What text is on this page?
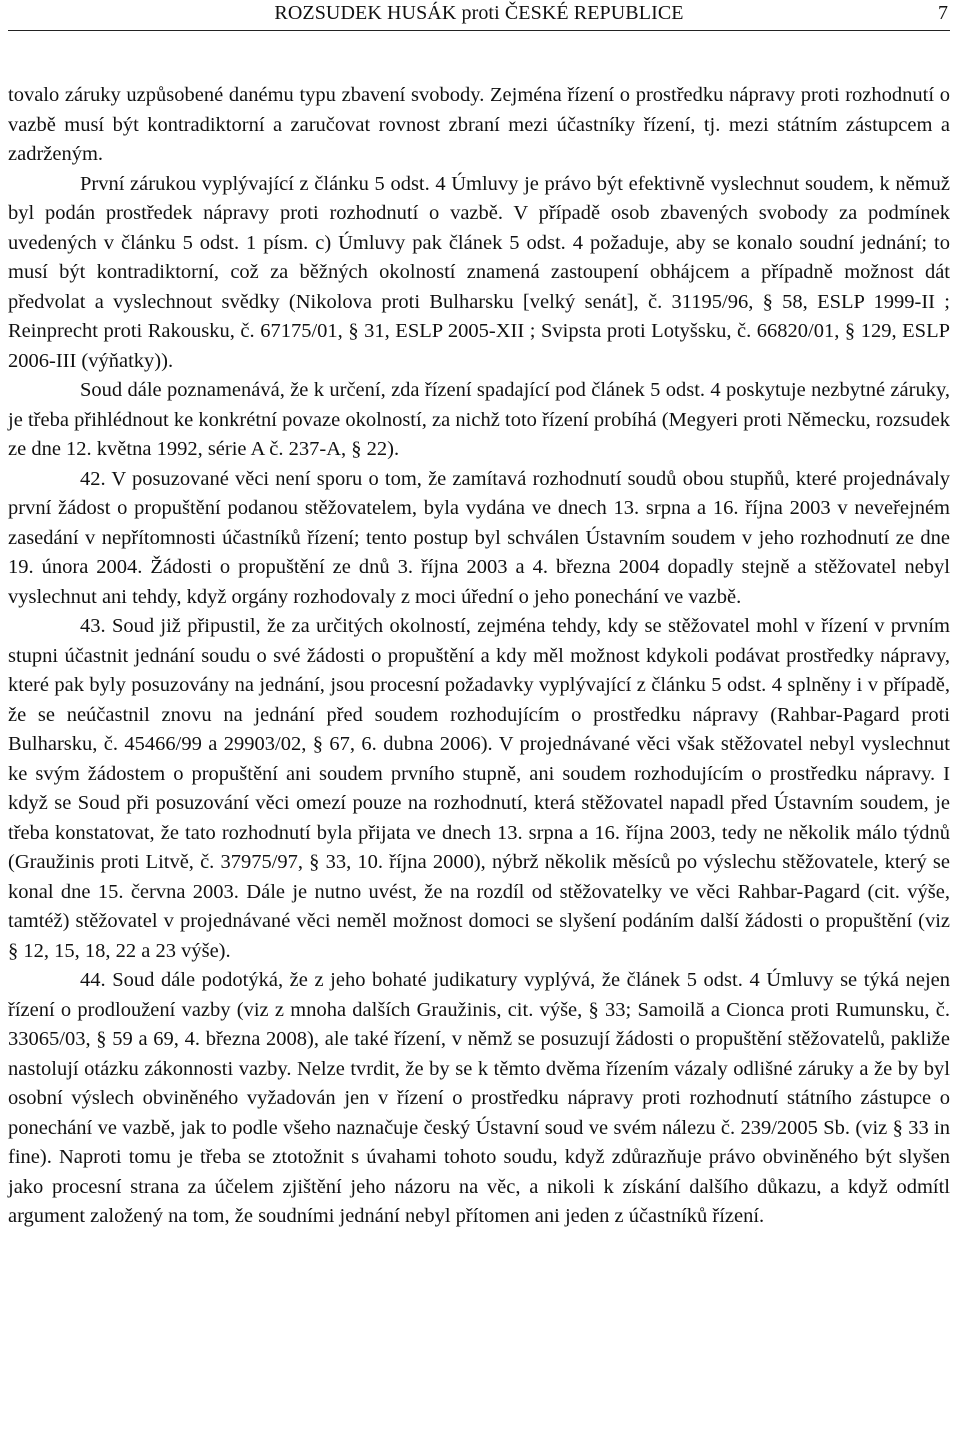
ROZSUDEK HUSÁK proti ČESKÉ REPUBLICE	7

tovalo záruky uzpůsobené danému typu zbavení svobody. Zejména řízení o prostředku nápravy proti rozhodnutí o vazbě musí být kontradiktorní a zaručovat rovnost zbraní mezi účastníky řízení, tj. mezi státním zástupcem a zadrženým.

První zárukou vyplývající z článku 5 odst. 4 Úmluvy je právo být efektivně vyslechnut soudem, k němuž byl podán prostředek nápravy proti rozhodnutí o vazbě. V případě osob zbavených svobody za podmínek uvedených v článku 5 odst. 1 písm. c) Úmluvy pak článek 5 odst. 4 požaduje, aby se konalo soudní jednání; to musí být kontradiktorní, což za běžných okolností znamená zastoupení obhájcem a případně možnost dát předvolat a vyslechnout svědky (Nikolova proti Bulharsku [velký senát], č. 31195/96, § 58, ESLP 1999-II ; Reinprecht proti Rakousku, č. 67175/01, § 31, ESLP 2005-XII ; Svipsta proti Lotyšsku, č. 66820/01, § 129, ESLP 2006-III (výňatky)).

Soud dále poznamenává, že k určení, zda řízení spadající pod článek 5 odst. 4 poskytuje nezbytné záruky, je třeba přihlédnout ke konkrétní povaze okolností, za nichž toto řízení probíhá (Megyeri proti Německu, rozsudek ze dne 12. května 1992, série A č. 237-A, § 22).

42. V posuzované věci není sporu o tom, že zamítavá rozhodnutí soudů obou stupňů, které projednávaly první žádost o propuštění podanou stěžovatelem, byla vydána ve dnech 13. srpna a 16. října 2003 v neveřejném zasedání v nepřítomnosti účastníků řízení; tento postup byl schválen Ústavním soudem v jeho rozhodnutí ze dne 19. února 2004. Žádosti o propuštění ze dnů 3. října 2003 a 4. března 2004 dopadly stejně a stěžovatel nebyl vyslechnut ani tehdy, když orgány rozhodovaly z moci úřední o jeho ponechání ve vazbě.

43. Soud již připustil, že za určitých okolností, zejména tehdy, kdy se stěžovatel mohl v řízení v prvním stupni účastnit jednání soudu o své žádosti o propuštění a kdy měl možnost kdykoli podávat prostředky nápravy, které pak byly posuzovány na jednání, jsou procesní požadavky vyplývající z článku 5 odst. 4 splněny i v případě, že se neúčastnil znovu na jednání před soudem rozhodujícím o prostředku nápravy (Rahbar-Pagard proti Bulharsku, č. 45466/99 a 29903/02, § 67, 6. dubna 2006). V projednávané věci však stěžovatel nebyl vyslechnut ke svým žádostem o propuštění ani soudem prvního stupně, ani soudem rozhodujícím o prostředku nápravy. I když se Soud při posuzování věci omezí pouze na rozhodnutí, která stěžovatel napadl před Ústavním soudem, je třeba konstatovat, že tato rozhodnutí byla přijata ve dnech 13. srpna a 16. října 2003, tedy ne několik málo týdnů (Graužinis proti Litvě, č. 37975/97, § 33, 10. října 2000), nýbrž několik měsíců po výslechu stěžovatele, který se konal dne 15. června 2003. Dále je nutno uvést, že na rozdíl od stěžovatelky ve věci Rahbar-Pagard (cit. výše, tamtéž) stěžovatel v projednávané věci neměl možnost domoci se slyšení podáním další žádosti o propuštění (viz § 12, 15, 18, 22 a 23 výše).

44. Soud dále podotýká, že z jeho bohaté judikatury vyplývá, že článek 5 odst. 4 Úmluvy se týká nejen řízení o prodloužení vazby (viz z mnoha dalších Graužinis, cit. výše, § 33; Samoilă a Cionca proti Rumunsku, č. 33065/03, § 59 a 69, 4. března 2008), ale také řízení, v němž se posuzují žádosti o propuštění stěžovatelů, pakliže nastolují otázku zákonnosti vazby. Nelze tvrdit, že by se k těmto dvěma řízením vázaly odlišné záruky a že by byl osobní výslech obviněného vyžadován jen v řízení o prostředku nápravy proti rozhodnutí státního zástupce o ponechání ve vazbě, jak to podle všeho naznačuje český Ústavní soud ve svém nálezu č. 239/2005 Sb. (viz § 33 in fine). Naproti tomu je třeba se ztotožnit s úvahami tohoto soudu, když zdůrazňuje právo obviněného být slyšen jako procesní strana za účelem zjištění jeho názoru na věc, a nikoli k získání dalšího důkazu, a když odmítl argument založený na tom, že soudními jednání nebyl přítomen ani jeden z účastníků řízení.
